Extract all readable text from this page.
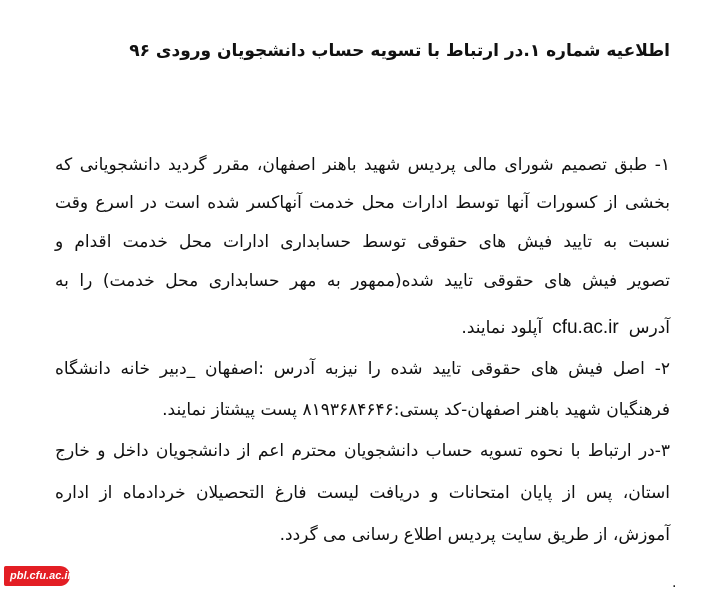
اطلاعیه شماره ۱.در ارتباط با تسویه حساب دانشجویان ورودی ۹۶
۱- طبق تصمیم شورای مالی پردیس شهید باهنر اصفهان، مقرر گردید دانشجویانی که
بخشی از کسورات آنها توسط ادارات محل خدمت آنهاکسر شده است در اسرع وقت
نسبت به تایید فیش های حقوقی توسط حسابداری ادارات محل خدمت اقدام و
تصویر فیش های حقوقی تایید شده(ممهور به مهر حسابداری محل خدمت) را به
آدرسcfu.ac.irآپلود نمایند.
۲- اصل فیش های حقوقی تایید شده را نیزبه آدرس :اصفهان _دبیر خانه دانشگاه
فرهنگیان شهید باهنر اصفهان-کد پستی:۸۱۹۳۶۸۴۶۴۶ پست پیشتاز نمایند.
۳-در ارتباط با نحوه تسویه حساب دانشجویان محترم اعم از دانشجویان داخل و خارج
استان، پس از پایان امتحانات و دریافت لیست فارغ التحصیلان خردادماه از اداره
آموزش، از طریق سایت پردیس اطلاع رسانی می گردد.
.
pbl.cfu.ac.ir
